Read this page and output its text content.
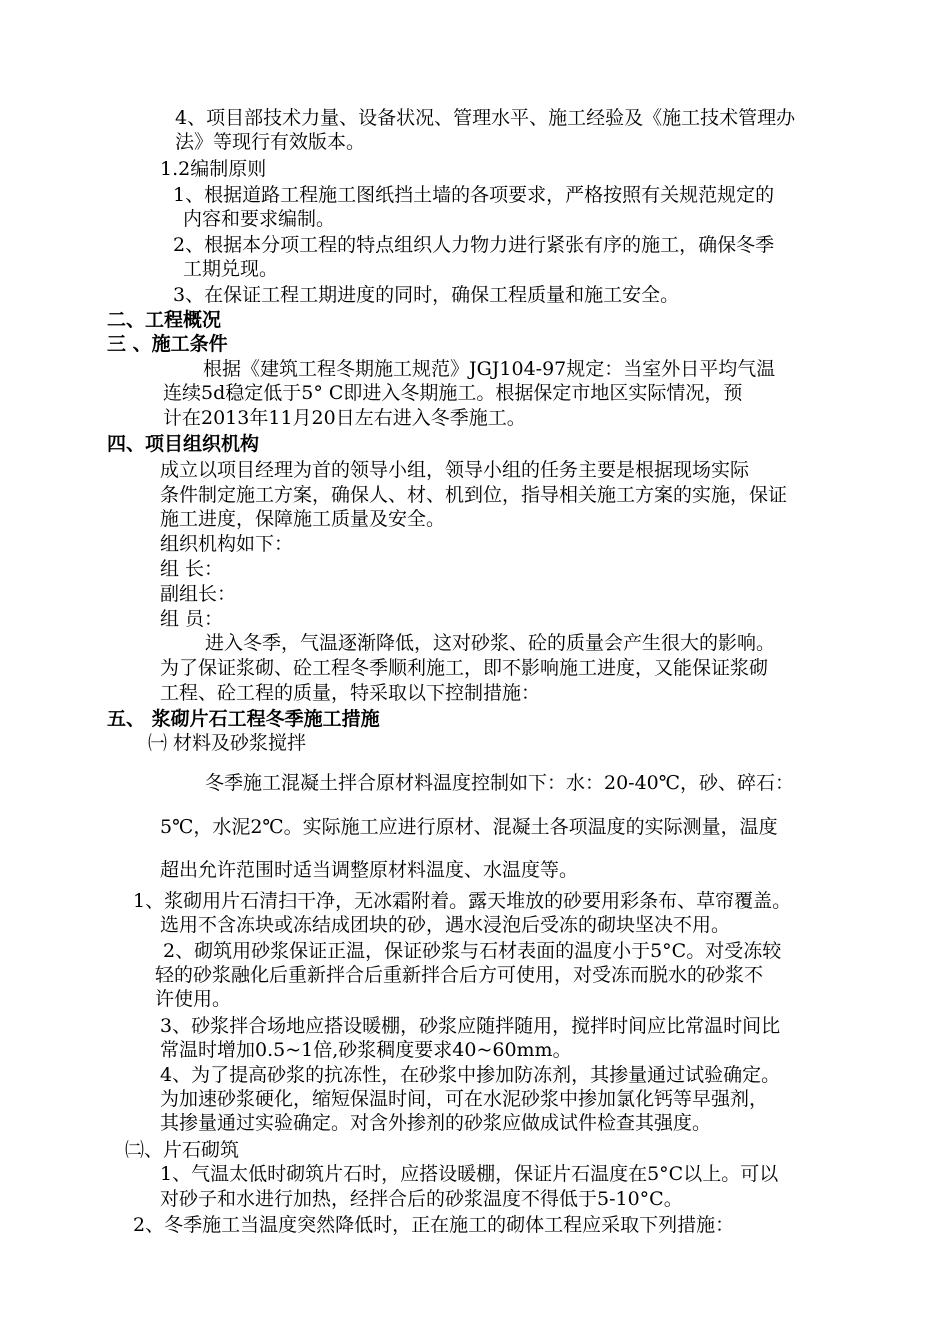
4、项目部技术力量、设备状况、管理水平、施工经验及《施工技术管理办
法》等现行有效版本。
1.2编制原则
1、根据道路工程施工图纸挡土墙的各项要求，严格按照有关规范规定的
内容和要求编制。
2、根据本分项工程的特点组织人力物力进行紧张有序的施工，确保冬季
工期兑现。
3、在保证工程工期进度的同时，确保工程质量和施工安全。
二、工程概况
三 、施工条件
根据《建筑工程冬期施工规范》JGJ104-97规定：当室外日平均气温
连续5d稳定低于5° C即进入冬期施工。根据保定市地区实际情况，预
计在2013年11月20日左右进入冬季施工。
四、项目组织机构
成立以项目经理为首的领导小组，领导小组的任务主要是根据现场实际
条件制定施工方案，确保人、材、机到位，指导相关施工方案的实施，保证
施工进度，保障施工质量及安全。
组织机构如下：
组 长：
副组长：
组 员：
进入冬季，气温逐渐降低，这对砂浆、砼的质量会产生很大的影响。
为了保证浆砌、砼工程冬季顺利施工，即不影响施工进度，又能保证浆砌
工程、砼工程的质量，特采取以下控制措施：
五、 浆砌片石工程冬季施工措施
㈠ 材料及砂浆搅拌
冬季施工混凝土拌合原材料温度控制如下：水：20-40℃，砂、碎石：
5℃，水泥2℃。实际施工应进行原材、混凝土各项温度的实际测量，温度
超出允许范围时适当调整原材料温度、水温度等。
1、浆砌用片石清扫干净，无冰霜附着。露天堆放的砂要用彩条布、草帘覆盖。
选用不含冻块或冻结成团块的砂，遇水浸泡后受冻的砌块坚决不用。
2、砌筑用砂浆保证正温，保证砂浆与石材表面的温度小于5°C。对受冻较
轻的砂浆融化后重新拌合后重新拌合后方可使用，对受冻而脱水的砂浆不
许使用。
3、砂浆拌合场地应搭设暖棚，砂浆应随拌随用，搅拌时间应比常温时间比
常温时增加0.5~1倍,砂浆稠度要求40~60mm。
4、为了提高砂浆的抗冻性，在砂浆中掺加防冻剂，其掺量通过试验确定。
为加速砂浆硬化，缩短保温时间，可在水泥砂浆中掺加氯化钙等早强剂，
其掺量通过实验确定。对含外掺剂的砂浆应做成试件检查其强度。
㈡、片石砌筑
1、气温太低时砌筑片石时，应搭设暖棚，保证片石温度在5°C以上。可以
对砂子和水进行加热，经拌合后的砂浆温度不得低于5-10°C。
2、冬季施工当温度突然降低时，正在施工的砌体工程应采取下列措施：
